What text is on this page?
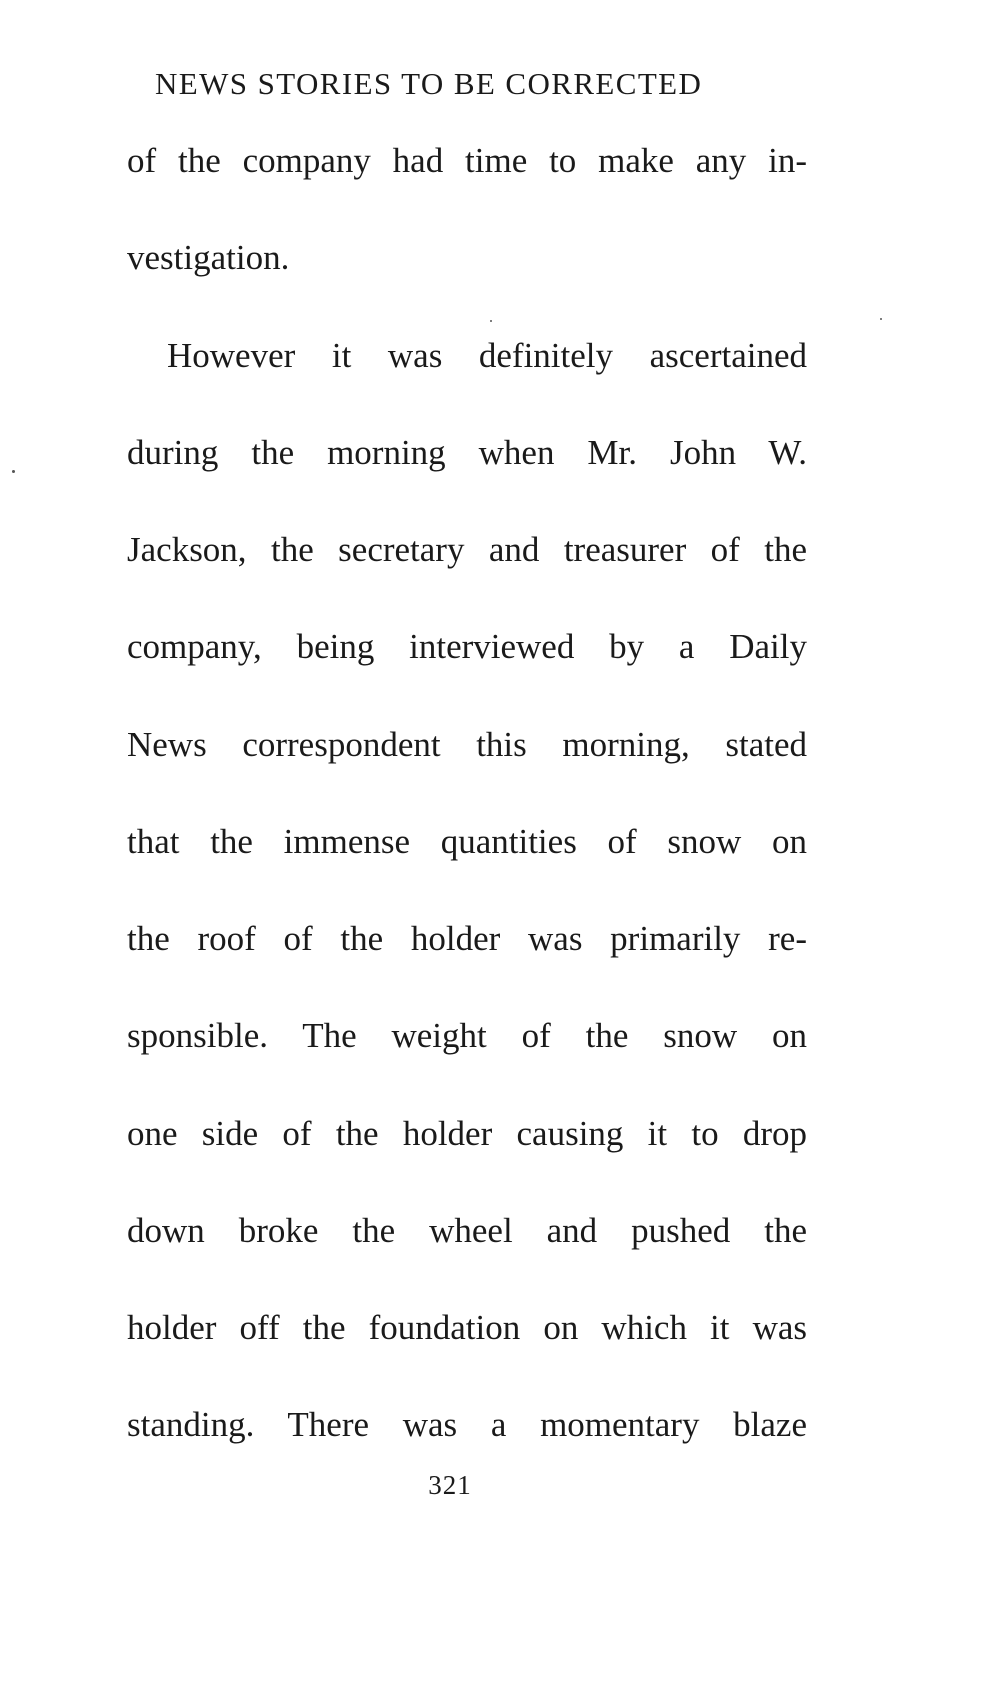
NEWS STORIES TO BE CORRECTED
of the company had time to make any in-
vestigation.
However it was definitely ascertained
during the morning when Mr. John W.
Jackson, the secretary and treasurer of the
company, being interviewed by a Daily
News correspondent this morning, stated
that the immense quantities of snow on
the roof of the holder was primarily re-
sponsible. The weight of the snow on
one side of the holder causing it to drop
down broke the wheel and pushed the
holder off the foundation on which it was
standing. There was a momentary blaze
321
